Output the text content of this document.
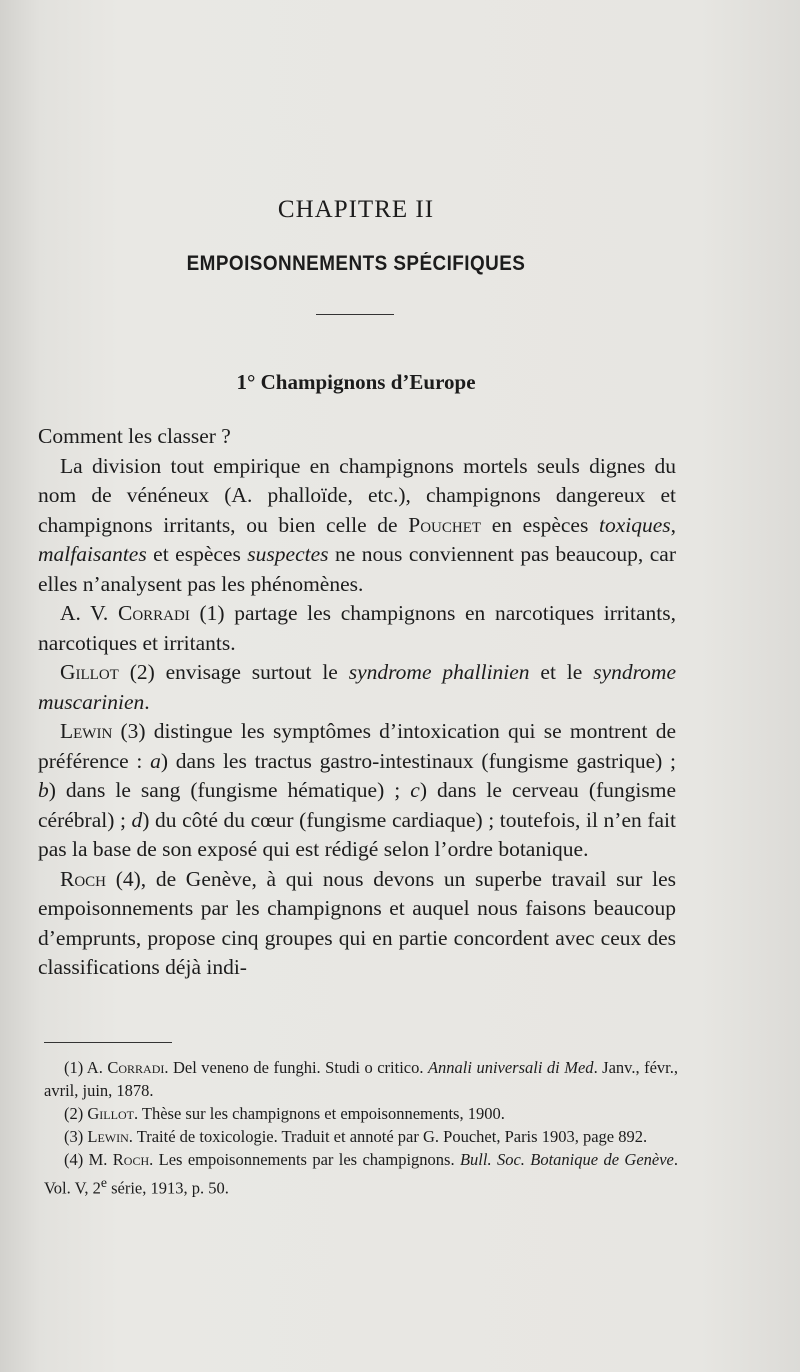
CHAPITRE II
EMPOISONNEMENTS SPÉCIFIQUES
1° Champignons d’Europe

Comment les classer ?

La division tout empirique en champignons mortels seuls dignes du nom de vénéneux (A. phalloïde, etc.), champignons dangereux et champignons irritants, ou bien celle de Pouchet en espèces toxiques, malfaisantes et espèces suspectes ne nous conviennent pas beaucoup, car elles n’analysent pas les phénomènes.

A. V. Corradi (1) partage les champignons en narcotiques irritants, narcotiques et irritants.

Gillot (2) envisage surtout le syndrome phallinien et le syndrome muscarinien.

Lewin (3) distingue les symptômes d’intoxication qui se montrent de préférence : a) dans les tractus gastro-intestinaux (fungisme gastrique) ; b) dans le sang (fungisme hématique) ; c) dans le cerveau (fungisme cérébral) ; d) du côté du cœur (fungisme cardiaque) ; toutefois, il n’en fait pas la base de son exposé qui est rédigé selon l’ordre botanique.

Roch (4), de Genève, à qui nous devons un superbe travail sur les empoisonnements par les champignons et auquel nous faisons beaucoup d’emprunts, propose cinq groupes qui en partie concordent avec ceux des classifications déjà indi-

(1) A. Corradi. Del veneno de funghi. Studi o critico. Annali universali di Med. Janv., févr., avril, juin, 1878.

(2) Gillot. Thèse sur les champignons et empoisonnements, 1900.

(3) Lewin. Traité de toxicologie. Traduit et annoté par G. Pouchet, Paris 1903, page 892.

(4) M. Roch. Les empoisonnements par les champignons. Bull. Soc. Botanique de Genève. Vol. V, 2e série, 1913, p. 50.
